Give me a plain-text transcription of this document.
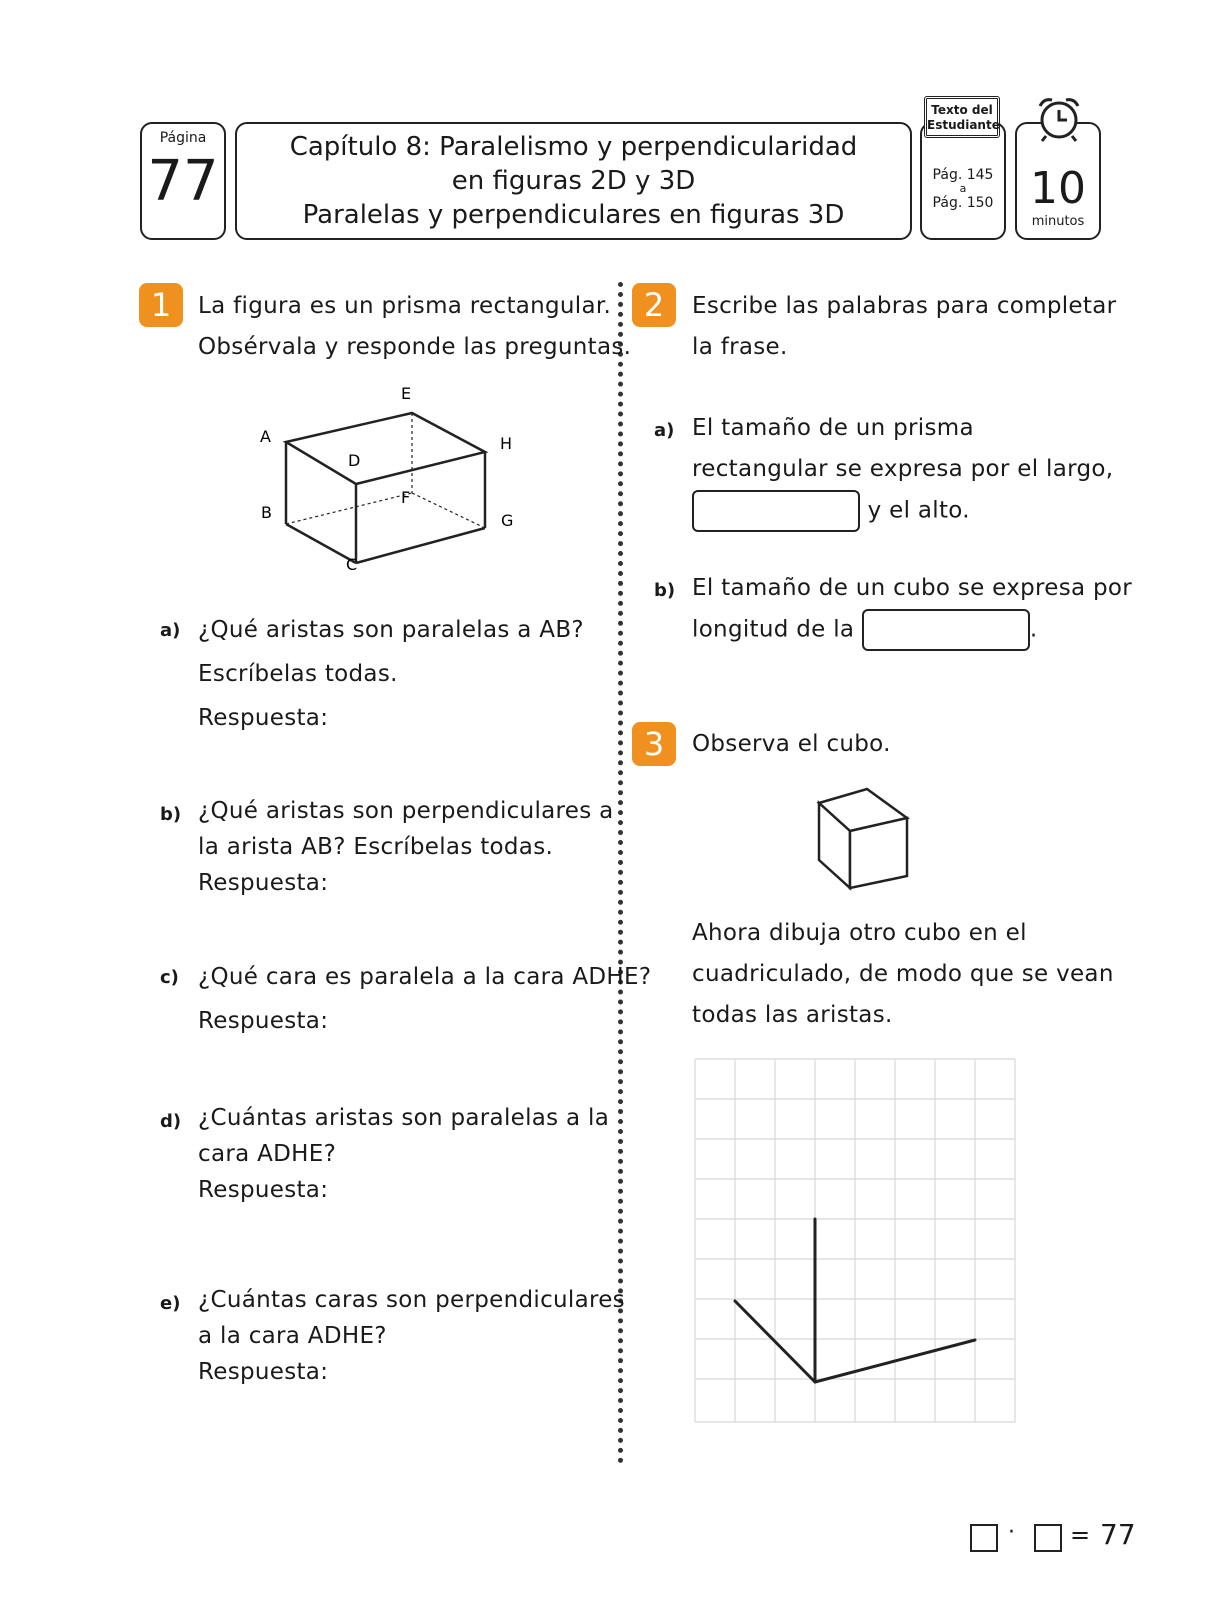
Página
77
Capítulo 8: Paralelismo y perpendicularidad
en figuras 2D y 3D
Paralelas y perpendiculares en figuras 3D
Pág. 145
a
Pág. 150
Texto del
Estudiante
10
minutos
1	La figura es un prisma rectangular.
Obsérvala y responde las preguntas.
A
B
C
D
E
F
G
H
a) ¿Qué aristas son paralelas a AB?
Escríbelas todas.
Respuesta:
b) ¿Qué aristas son perpendiculares a
la arista AB? Escríbelas todas.
Respuesta:
c) ¿Qué cara es paralela a la cara ADHE?
Respuesta:
d) ¿Cuántas aristas son paralelas a la
cara ADHE?
Respuesta:
e) ¿Cuántas caras son perpendiculares
a la cara ADHE?
Respuesta:
2	Escribe las palabras para completar
la frase.
a) El tamaño de un prisma
rectangular se expresa por el largo,
y el alto.
b) El tamaño de un cubo se expresa por
longitud de la	.
3	Observa el cubo.
Ahora dibuja otro cubo en el
cuadriculado, de modo que se vean
todas las aristas.
· = 77
